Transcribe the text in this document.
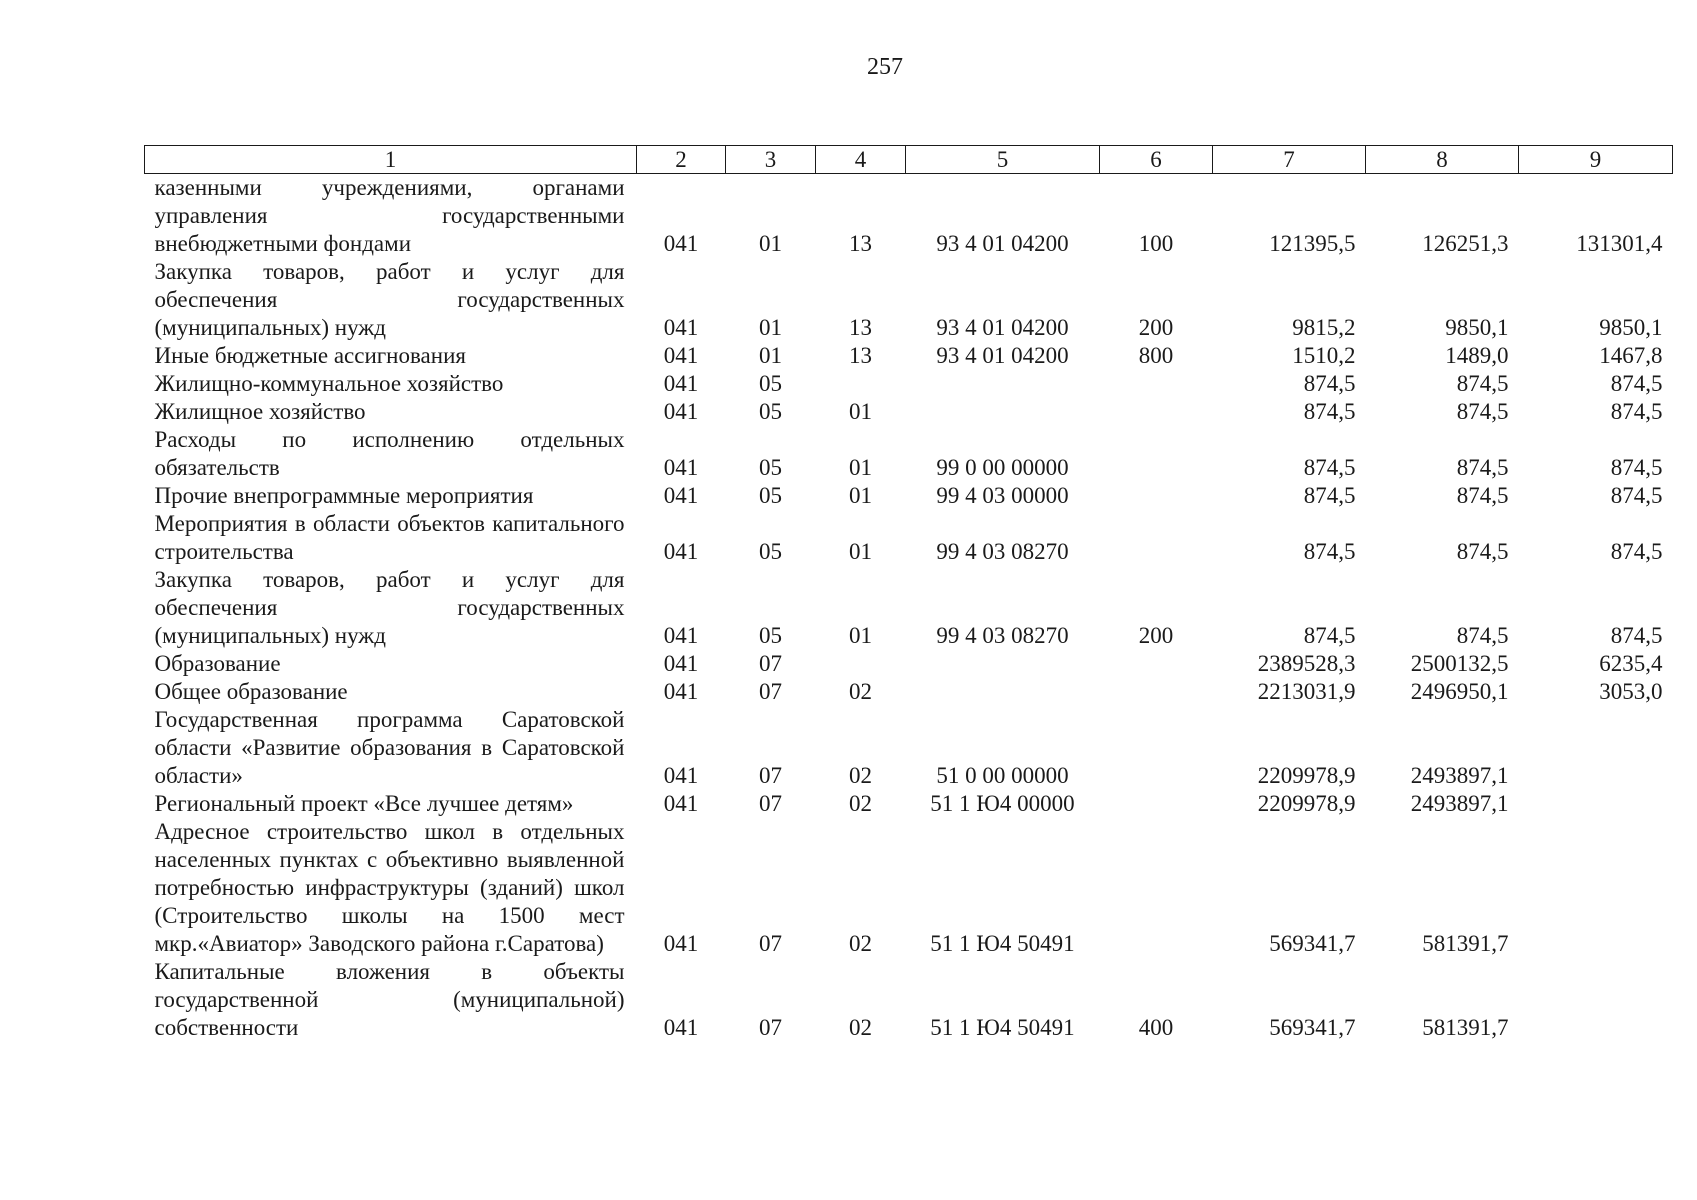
257
1	2	3	4	5	6	7	8	9
казенными учреждениями, органами управления государственными внебюджетными фондами	041	01	13	93 4 01 04200	100	121395,5	126251,3	131301,4
Закупка товаров, работ и услуг для обеспечения государственных (муниципальных) нужд	041	01	13	93 4 01 04200	200	9815,2	9850,1	9850,1
Иные бюджетные ассигнования	041	01	13	93 4 01 04200	800	1510,2	1489,0	1467,8
Жилищно-коммунальное хозяйство	041	05				874,5	874,5	874,5
Жилищное хозяйство	041	05	01			874,5	874,5	874,5
Расходы по исполнению отдельных обязательств	041	05	01	99 0 00 00000		874,5	874,5	874,5
Прочие внепрограммные мероприятия	041	05	01	99 4 03 00000		874,5	874,5	874,5
Мероприятия в области объектов капитального строительства	041	05	01	99 4 03 08270		874,5	874,5	874,5
Закупка товаров, работ и услуг для обеспечения государственных (муниципальных) нужд	041	05	01	99 4 03 08270	200	874,5	874,5	874,5
Образование	041	07				2389528,3	2500132,5	6235,4
Общее образование	041	07	02			2213031,9	2496950,1	3053,0
Государственная программа Саратовской области «Развитие образования в Саратовской области»	041	07	02	51 0 00 00000		2209978,9	2493897,1	
Региональный проект «Все лучшее детям»	041	07	02	51 1 Ю4 00000		2209978,9	2493897,1	
Адресное строительство школ в отдельных населенных пунктах с объективно выявленной потребностью инфраструктуры (зданий) школ (Строительство школы на 1500 мест мкр.«Авиатор» Заводского района г.Саратова)	041	07	02	51 1 Ю4 50491		569341,7	581391,7	
Капитальные вложения в объекты государственной (муниципальной) собственности	041	07	02	51 1 Ю4 50491	400	569341,7	581391,7	
